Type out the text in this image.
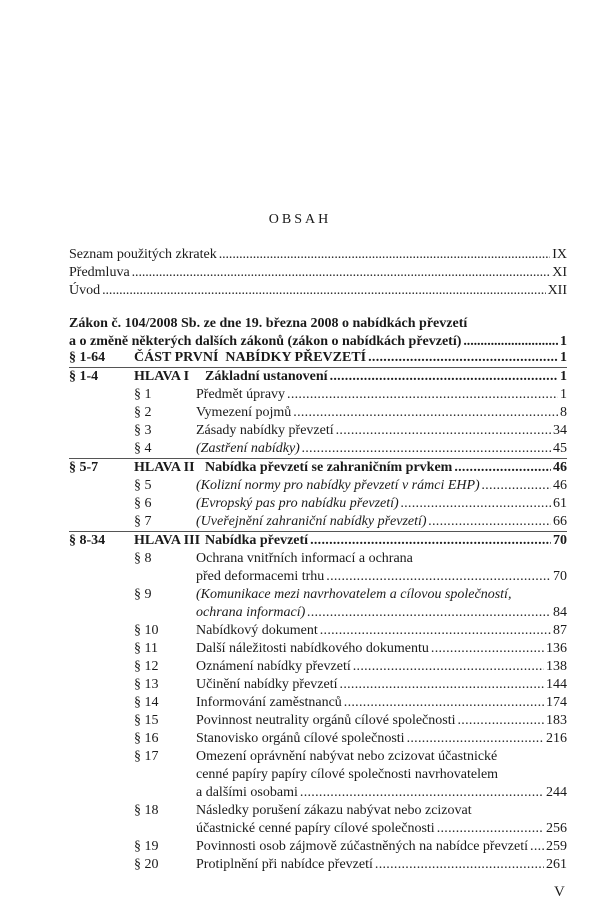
OBSAH
Seznam použitých zkratek . . .	IX
Předmluva . . .	XI
Úvod . . .	XII
Zákon č. 104/2008 Sb. ze dne 19. března 2008 o nabídkách převzetí
a o změně některých dalších zákonů (zákon o nabídkách převzetí) . . .	1
§ 1-64	ČÁST PRVNÍ  NABÍDKY PŘEVZETÍ . . .	1
§ 1-4	HLAVA I	Základní ustanovení . . .	1
§ 1	Předmět úpravy . . .	1
§ 2	Vymezení pojmů . . .	8
§ 3	Zásady nabídky převzetí . . .	34
§ 4	(Zastření nabídky) . . .	45
§ 5-7	HLAVA II Nabídka převzetí se zahraničním prvkem . . .	46
§ 5	(Kolizní normy pro nabídky převzetí v rámci EHP) . . .	46
§ 6	(Evropský pas pro nabídku převzetí) . . .	61
§ 7	(Uveřejnění zahraniční nabídky převzetí) . . .	66
§ 8-34	HLAVA III Nabídka převzetí . . .	70
§ 8	Ochrana vnitřních informací a ochrana
před deformacemi trhu . . .	70
§ 9	(Komunikace mezi navrhovatelem a cílovou společností,
ochrana informací) . . .	84
§ 10	Nabídkový dokument . . .	87
§ 11	Další náležitosti nabídkového dokumentu . . .	136
§ 12	Oznámení nabídky převzetí . . .	138
§ 13	Učinění nabídky převzetí . . .	144
§ 14	Informování zaměstnanců . . .	174
§ 15	Povinnost neutrality orgánů cílové společnosti . . .	183
§ 16	Stanovisko orgánů cílové společnosti . . .	216
§ 17	Omezení oprávnění nabývat nebo zcizovat účastnické
cenné papíry papíry cílové společnosti navrhovatelem
a dalšími osobami . . .	244
§ 18	Následky porušení zákazu nabývat nebo zcizovat
účastnické cenné papíry cílové společnosti . . .	256
§ 19	Povinnosti osob zájmově zúčastněných na nabídce převzetí . . . 259
§ 20	Protiplnění při nabídce převzetí . . .	261
V
